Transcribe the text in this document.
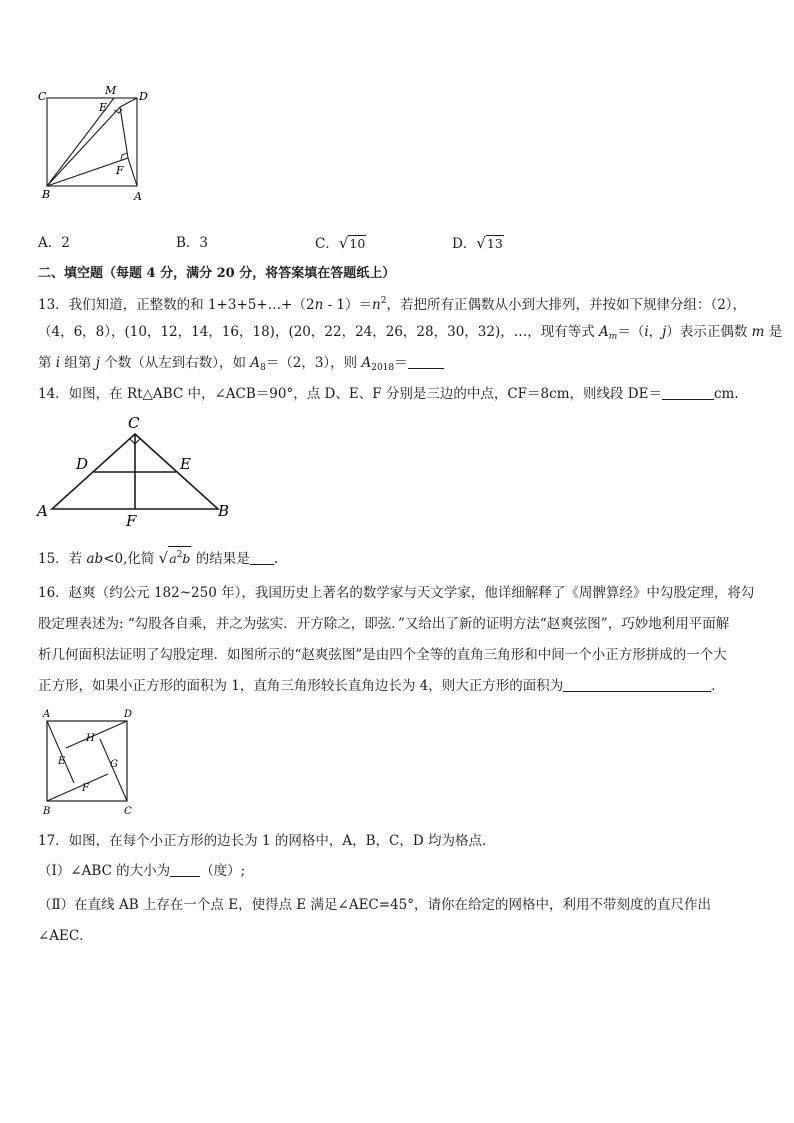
C	M D
E
F
B	A
A．2	B．3	C．√10	D．√13
二、填空题（每题 4 分，满分 20 分，将答案填在答题纸上）
13．我们知道，正整数的和 1+3+5+…+（2n - $1)=n^2$，若把所有正偶数从小到大排列，并按如下规律分组：（2），
（4，6，8），(10，12，14，16，18)，(20，22，24，26，28，30，32)，…，现有等式 $A_m=(i$，j）表示正偶数 m 是
第 i 组第 j 个数（从左到右数），如 $A_8=(2$，3），则 $A_{2018}=$
14．如图，在 Rt△ABC 中，∠ACB＝90°，点 D、E、F 分别是三边的中点，CF＝8cm，则线段 DE＝	cm.
C
D	E
A
F
B
15．若 ab<0,化简 $√a^2b$ 的结果是 .
16．赵爽（约公元 182~250 年），我国历史上著名的数学家与天文学家，他详细解释了《周髀算经》中勾股定理，将勾
股定理表述为: “勾股各自乘，并之为弦实．开方除之，即弦．”又给出了新的证明方法“赵爽弦图”，巧妙地利用平面解
析几何面积法证明了勾股定理．如图所示的“赵爽弦图”是由四个全等的直角三角形和中间一个小正方形拼成的一个大
正方形，如果小正方形的面积为 1，直角三角形较长直角边长为 4，则大正方形的面积为	．
A	D
H
E	G
F
B	C
17．如图，在每个小正方形的边长为 1 的网格中，A，B，C，D 均为格点．
（Ⅰ）∠ABC 的大小为 （度）;
（Ⅱ）在直线 AB 上存在一个点 E，使得点 E 满足∠AEC=45°，请你在给定的网格中，利用不带刻度的直尺作出
∠AEC．
